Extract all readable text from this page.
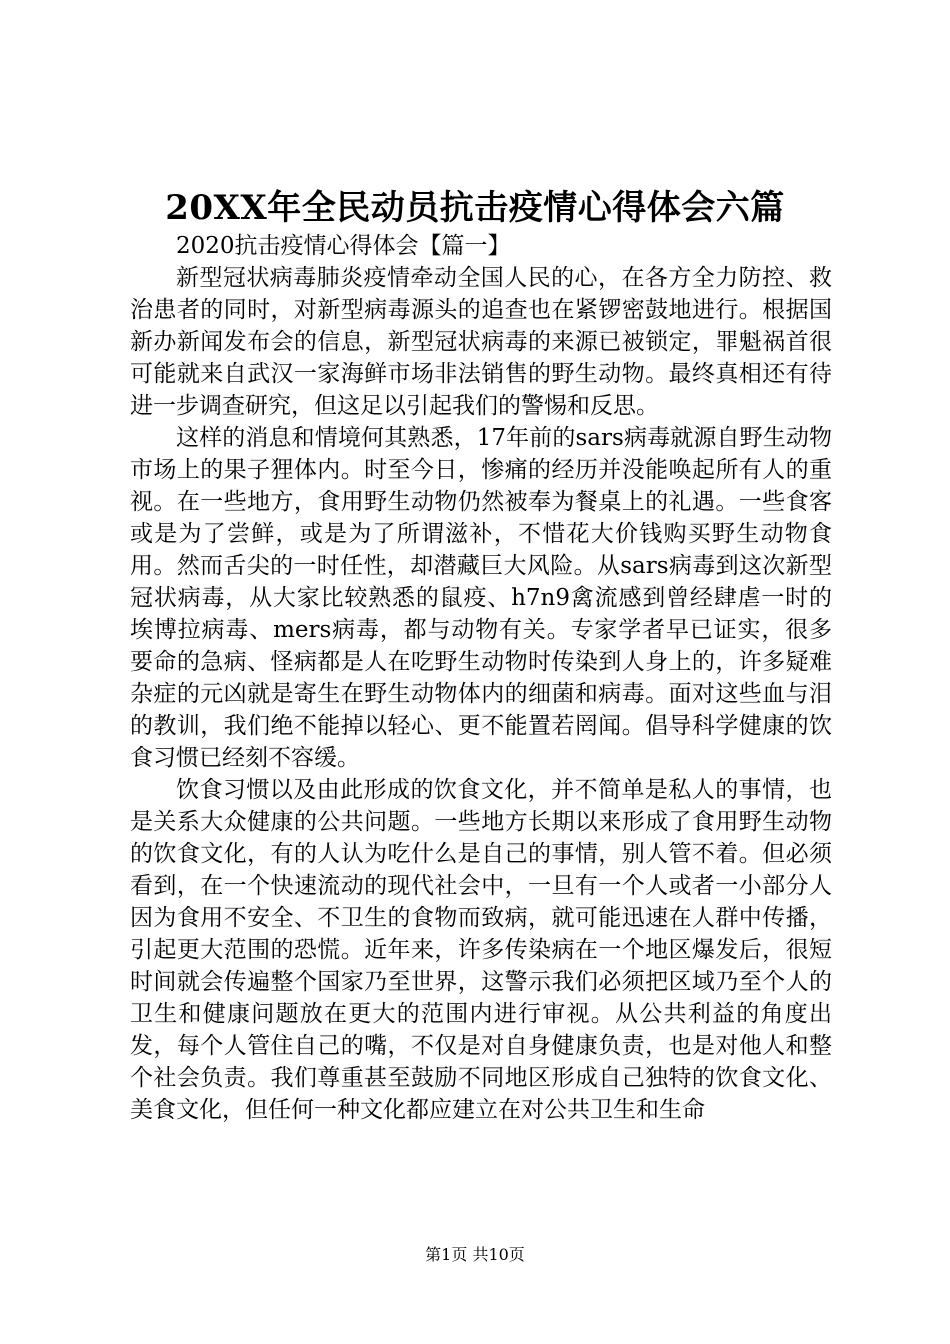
20XX年全民动员抗击疫情心得体会六篇

2020抗击疫情心得体会【篇一】

新型冠状病毒肺炎疫情牵动全国人民的心，在各方全力防控、救治患者的同时，对新型病毒源头的追查也在紧锣密鼓地进行。根据国新办新闻发布会的信息，新型冠状病毒的来源已被锁定，罪魁祸首很可能就来自武汉一家海鲜市场非法销售的野生动物。最终真相还有待进一步调查研究，但这足以引起我们的警惕和反思。

这样的消息和情境何其熟悉，17年前的sars病毒就源自野生动物市场上的果子狸体内。时至今日，惨痛的经历并没能唤起所有人的重视。在一些地方，食用野生动物仍然被奉为餐桌上的礼遇。一些食客或是为了尝鲜，或是为了所谓滋补，不惜花大价钱购买野生动物食用。然而舌尖的一时任性，却潜藏巨大风险。从sars病毒到这次新型冠状病毒，从大家比较熟悉的鼠疫、h7n9禽流感到曾经肆虐一时的埃博拉病毒、mers病毒，都与动物有关。专家学者早已证实，很多要命的急病、怪病都是人在吃野生动物时传染到人身上的，许多疑难杂症的元凶就是寄生在野生动物体内的细菌和病毒。面对这些血与泪的教训，我们绝不能掉以轻心、更不能置若罔闻。倡导科学健康的饮食习惯已经刻不容缓。

饮食习惯以及由此形成的饮食文化，并不简单是私人的事情，也是关系大众健康的公共问题。一些地方长期以来形成了食用野生动物的饮食文化，有的人认为吃什么是自己的事情，别人管不着。但必须看到，在一个快速流动的现代社会中，一旦有一个人或者一小部分人因为食用不安全、不卫生的食物而致病，就可能迅速在人群中传播，引起更大范围的恐慌。近年来，许多传染病在一个地区爆发后，很短时间就会传遍整个国家乃至世界，这警示我们必须把区域乃至个人的卫生和健康问题放在更大的范围内进行审视。从公共利益的角度出发，每个人管住自己的嘴，不仅是对自身健康负责，也是对他人和整个社会负责。我们尊重甚至鼓励不同地区形成自己独特的饮食文化、美食文化，但任何一种文化都应建立在对公共卫生和生命

第1页 共10页
